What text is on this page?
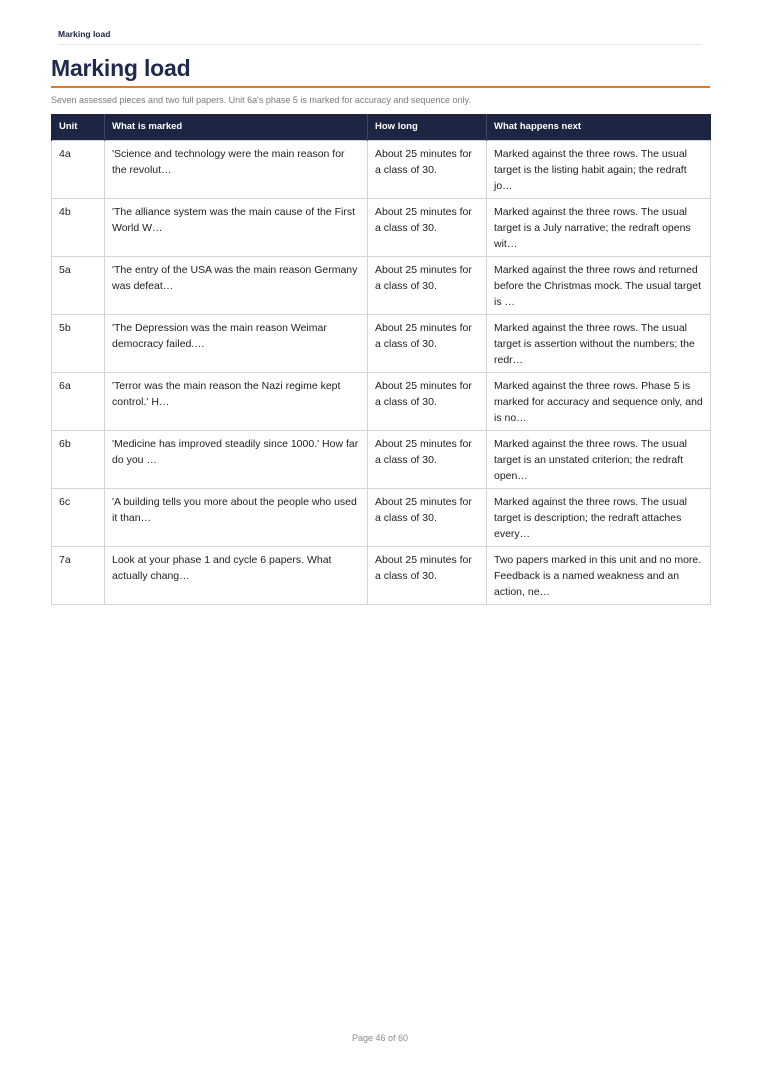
Marking load
Marking load
Seven assessed pieces and two full papers. Unit 6a's phase 5 is marked for accuracy and sequence only.
Unit	What is marked	How long	What happens next
4a	'Science and technology were the main reason for the revolut…	About 25 minutes for a class of 30.	Marked against the three rows. The usual target is the listing habit again; the redraft jo…
4b	'The alliance system was the main cause of the First World W…	About 25 minutes for a class of 30.	Marked against the three rows. The usual target is a July narrative; the redraft opens wit…
5a	'The entry of the USA was the main reason Germany was defeat…	About 25 minutes for a class of 30.	Marked against the three rows and returned before the Christmas mock. The usual target is …
5b	'The Depression was the main reason Weimar democracy failed.…	About 25 minutes for a class of 30.	Marked against the three rows. The usual target is assertion without the numbers; the redr…
6a	'Terror was the main reason the Nazi regime kept control.' H…	About 25 minutes for a class of 30.	Marked against the three rows. Phase 5 is marked for accuracy and sequence only, and is no…
6b	'Medicine has improved steadily since 1000.' How far do you …	About 25 minutes for a class of 30.	Marked against the three rows. The usual target is an unstated criterion; the redraft open…
6c	'A building tells you more about the people who used it than…	About 25 minutes for a class of 30.	Marked against the three rows. The usual target is description; the redraft attaches every…
7a	Look at your phase 1 and cycle 6 papers. What actually chang…	About 25 minutes for a class of 30.	Two papers marked in this unit and no more. Feedback is a named weakness and an action, ne…
Page 46 of 60
